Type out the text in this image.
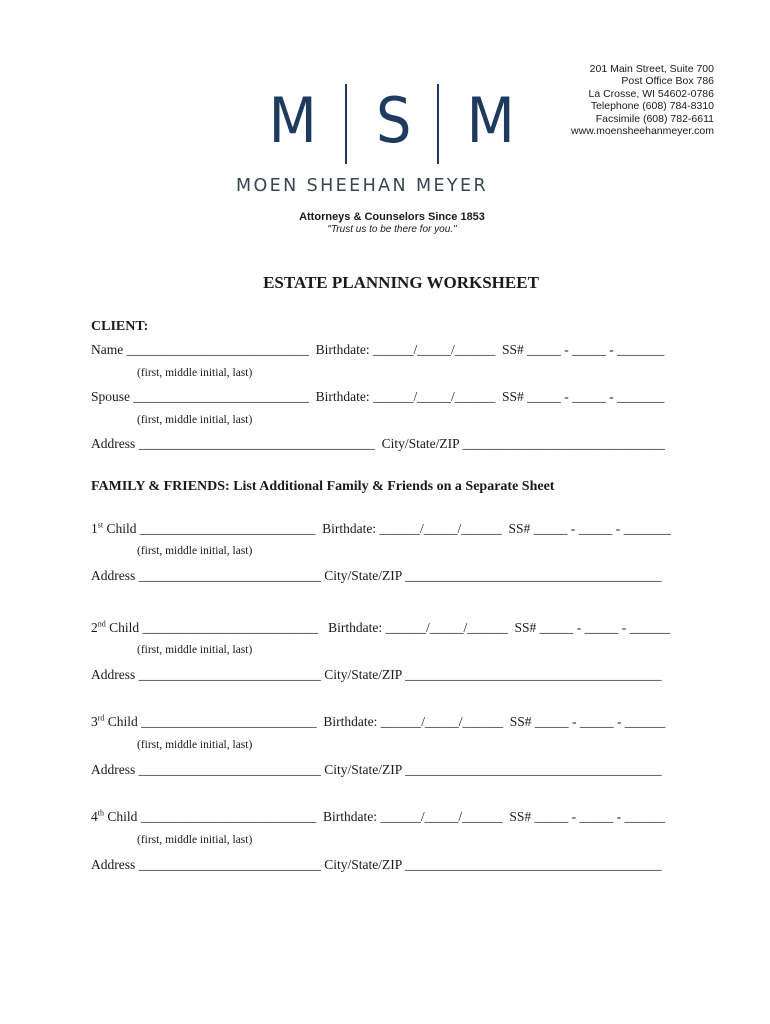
201 Main Street, Suite 700
Post Office Box 786
La Crosse, WI 54602-0786
Telephone (608) 784-8310
Facsimile (608) 782-6611
www.moensheehanmeyer.com
M S M
MOEN SHEEHAN MEYER
Attorneys & Counselors Since 1853
"Trust us to be there for you."
ESTATE PLANNING WORKSHEET
CLIENT:
Name ___________________________  Birthdate: ______/_____/______  SS# _____ - _____ - _______
(first, middle initial, last)
Spouse __________________________  Birthdate: ______/_____/______  SS# _____ - _____ - _______
(first, middle initial, last)
Address ___________________________________  City/State/ZIP ______________________________
FAMILY & FRIENDS: List Additional Family & Friends on a Separate Sheet
1st Child __________________________  Birthdate: ______/_____/______  SS# _____ - _____ - _______
(first, middle initial, last)
Address ___________________________ City/State/ZIP ______________________________________
2nd Child __________________________   Birthdate: ______/_____/______  SS# _____ - _____ - ______
(first, middle initial, last)
Address ___________________________ City/State/ZIP ______________________________________
3rd Child __________________________  Birthdate: ______/_____/______  SS# _____ - _____ - ______
(first, middle initial, last)
Address ___________________________ City/State/ZIP ______________________________________
4th Child __________________________  Birthdate: ______/_____/______  SS# _____ - _____ - ______
(first, middle initial, last)
Address ___________________________ City/State/ZIP ______________________________________
